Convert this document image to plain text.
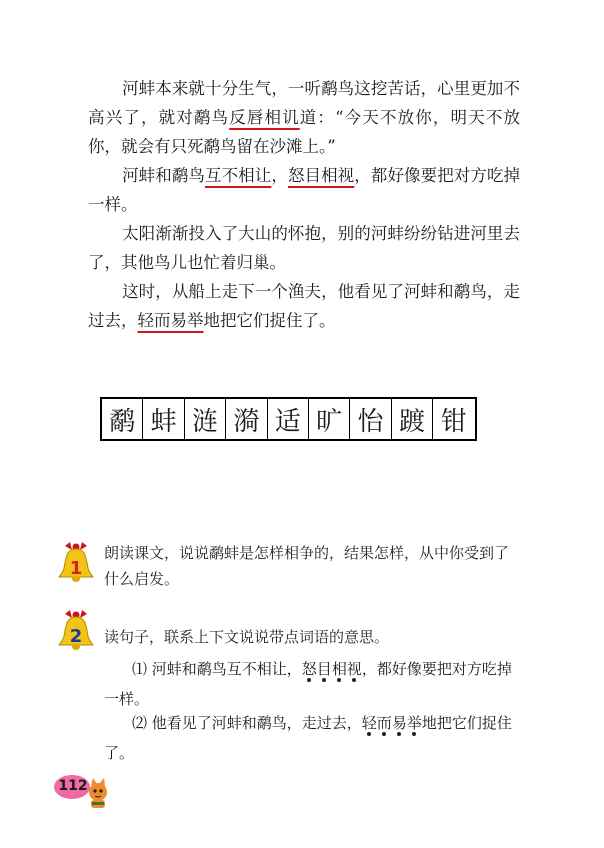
河蚌本来就十分生气，一听鹬鸟这挖苦话，心里更加不高兴了，就对鹬鸟反唇相讥道：“今天不放你，明天不放你，就会有只死鹬鸟留在沙滩上。”

河蚌和鹬鸟互不相让，怒目相视，都好像要把对方吃掉一样。

太阳渐渐投入了大山的怀抱，别的河蚌纷纷钻进河里去了，其他鸟儿也忙着归巢。

这时，从船上走下一个渔夫，他看见了河蚌和鹬鸟，走过去，轻而易举地把它们捉住了。

鹬 蚌 涟 漪 适 旷 怡 踱 钳
1
朗读课文，说说鹬蚌是怎样相争的，结果怎样，从中你受到了什么启发。
2	读句子，联系上下文说说带点词语的意思。

⑴ 河蚌和鹬鸟互不相让，怒目相视，都好像要把对方吃掉一样。

⑵ 他看见了河蚌和鹬鸟，走过去，轻而易举地把它们捉住了。

112
